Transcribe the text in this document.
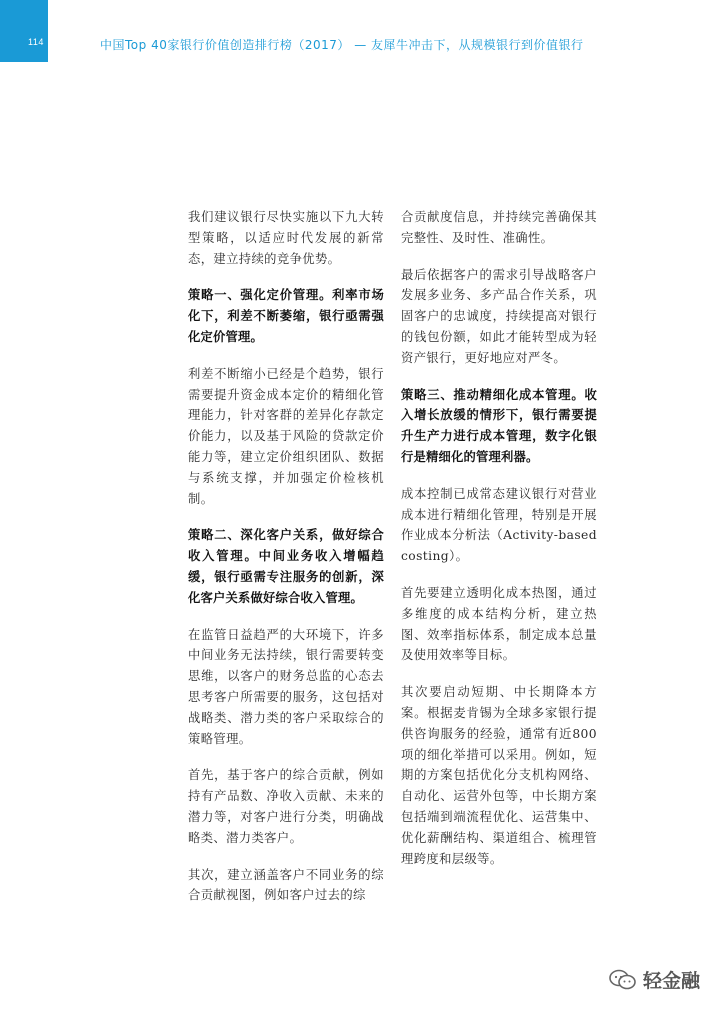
114	中国Top 40家银行价值创造排行榜（2017） — 友犀牛冲击下，从规模银行到价值银行

我们建议银行尽快实施以下九大转型策略，以适应时代发展的新常态，建立持续的竞争优势。

策略一、强化定价管理。利率市场化下，利差不断萎缩，银行亟需强化定价管理。

利差不断缩小已经是个趋势，银行需要提升资金成本定价的精细化管理能力，针对客群的差异化存款定价能力，以及基于风险的贷款定价能力等，建立定价组织团队、数据与系统支撑，并加强定价检核机制。

策略二、深化客户关系，做好综合收入管理。中间业务收入增幅趋缓，银行亟需专注服务的创新，深化客户关系做好综合收入管理。

在监管日益趋严的大环境下，许多中间业务无法持续，银行需要转变思维，以客户的财务总监的心态去思考客户所需要的服务，这包括对战略类、潜力类的客户采取综合的策略管理。

首先，基于客户的综合贡献，例如持有产品数、净收入贡献、未来的潜力等，对客户进行分类，明确战略类、潜力类客户。

其次，建立涵盖客户不同业务的综合贡献视图，例如客户过去的综

合贡献度信息，并持续完善确保其完整性、及时性、准确性。

最后依据客户的需求引导战略客户发展多业务、多产品合作关系，巩固客户的忠诚度，持续提高对银行的钱包份额，如此才能转型成为轻资产银行，更好地应对严冬。

策略三、推动精细化成本管理。收入增长放缓的情形下，银行需要提升生产力进行成本管理，数字化银行是精细化的管理利器。

成本控制已成常态建议银行对营业成本进行精细化管理，特别是开展作业成本分析法（Activity-based costing）。

首先要建立透明化成本热图，通过多维度的成本结构分析，建立热图、效率指标体系，制定成本总量及使用效率等目标。

其次要启动短期、中长期降本方案。根据麦肯锡为全球多家银行提供咨询服务的经验，通常有近800项的细化举措可以采用。例如，短期的方案包括优化分支机构网络、自动化、运营外包等，中长期方案包括端到端流程优化、运营集中、优化薪酬结构、渠道组合、梳理管理跨度和层级等。

轻金融
